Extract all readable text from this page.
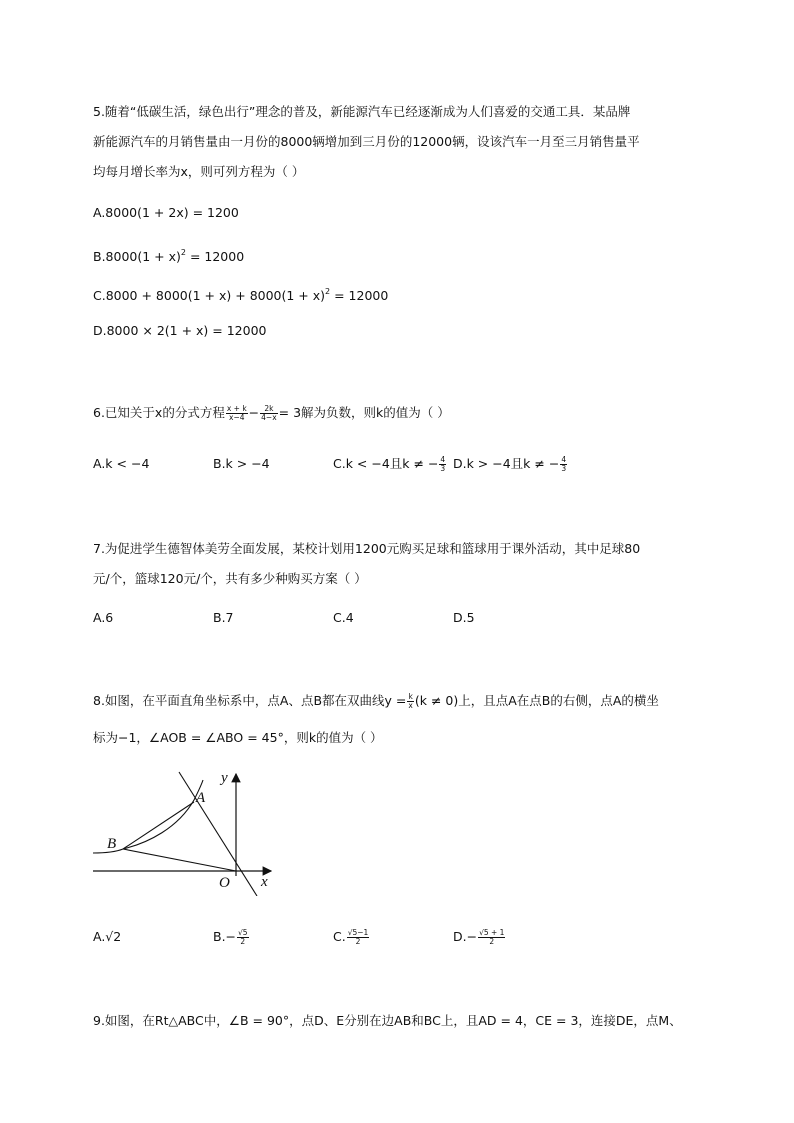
5.随着“低碳生活，绿色出行”理念的普及，新能源汽车已经逐渐成为人们喜爱的交通工具．某品牌
新能源汽车的月销售量由一月份的8000辆增加到三月份的12000辆，设该汽车一月至三月销售量平
均每月增长率为x，则可列方程为（ ）
A.8000(1 + 2x) = 1200
$B.8000(1 + x)^2 = 12000$
$C.8000 + 8000(1 + x) + 8000(1 + x)^2 = 12000$
D.8000 × 2(1 + x) = 12000
6.已知关于x的分式方程 $\frac{x + k}{x-4} - \frac{2k}{4-x} = 3$解为负数，则k的值为（ ）
A.k < −4	B.k > −4	C.k < −4且k ≠ − $\frac{4}{3} D.k > -4$且k ≠ − $\frac{4}{3}$
7.为促进学生德智体美劳全面发展，某校计划用1200元购买足球和篮球用于课外活动，其中足球80
元/个，篮球120元/个，共有多少种购买方案（ ）
A.6	B.7	C.4	D.5
8.如图，在平面直角坐标系中，点A、点B都在双曲线$y = \frac{k}{x} (k \ne 0)$上，且点A在点B的右侧，点A的横坐
标为−1，∠AOB = ∠ABO = 45°，则k的值为（ ）
y
x
A
B
O
A.√2	$B.- \frac{√5}{2}$	C. $\frac{√5-1}{2}$	$D.- \frac{√5 + 1}{2}$
9.如图，在Rt△ABC中，∠B = 90°，点D、E分别在边AB和BC上，且AD = 4，CE = 3，连接DE，点M、
